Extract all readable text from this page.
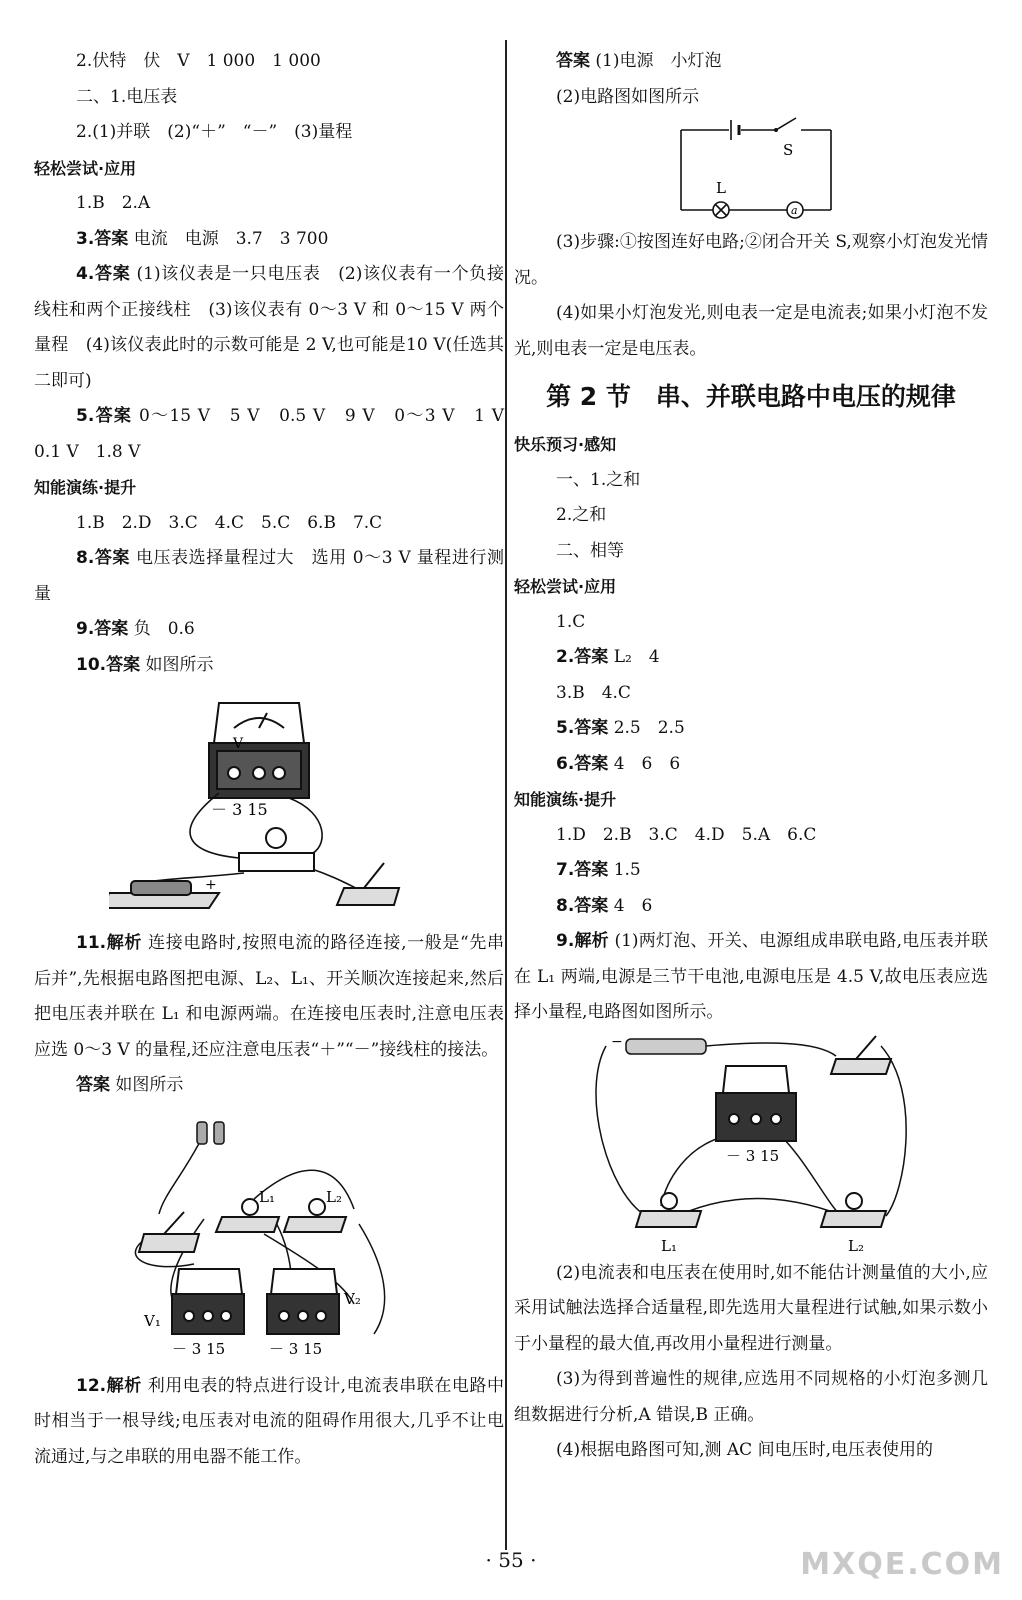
2.伏特　伏　V　1 000　1 000
二、1.电压表
2.(1)并联　(2)“＋”　“－”　(3)量程
轻松尝试·应用
1.B　2.A
3.答案 电流　电源　3.7　3 700
4.答案 (1)该仪表是一只电压表　(2)该仪表有一个负接线柱和两个正接线柱　(3)该仪表有 0～3 V 和 0～15 V 两个量程　(4)该仪表此时的示数可能是 2 V,也可能是10 V(任选其二即可)
5.答案 0～15 V　5 V　0.5 V　9 V　0～3 V　1 V　0.1 V　1.8 V
知能演练·提升
1.B　2.D　3.C　4.C　5.C　6.B　7.C
8.答案 电压表选择量程过大　选用 0～3 V 量程进行测量
9.答案 负　0.6
10.答案 如图所示
V
－ 3 15
+
11.解析 连接电路时,按照电流的路径连接,一般是“先串后并”,先根据电路图把电源、L₂、L₁、开关顺次连接起来,然后把电压表并联在 L₁ 和电源两端。在连接电压表时,注意电压表应选 0～3 V 的量程,还应注意电压表“＋”“－”接线柱的接法。
答案 如图所示
L₁	L₂
V₁
V₂
－ 3 15	－ 3 15
12.解析 利用电表的特点进行设计,电流表串联在电路中时相当于一根导线;电压表对电流的阻碍作用很大,几乎不让电流通过,与之串联的用电器不能工作。
答案 (1)电源　小灯泡
(2)电路图如图所示
S
L
a
(3)步骤:①按图连好电路;②闭合开关 S,观察小灯泡发光情况。
(4)如果小灯泡发光,则电表一定是电流表;如果小灯泡不发光,则电表一定是电压表。
第 2 节　串、并联电路中电压的规律
快乐预习·感知
一、1.之和
2.之和
二、相等
轻松尝试·应用
1.C
2.答案 L₂　4
3.B　4.C
5.答案 2.5　2.5
6.答案 4　6　6
知能演练·提升
1.D　2.B　3.C　4.D　5.A　6.C
7.答案 1.5
8.答案 4　6
9.解析 (1)两灯泡、开关、电源组成串联电路,电压表并联在 L₁ 两端,电源是三节干电池,电源电压是 4.5 V,故电压表应选择小量程,电路图如图所示。
−
－ 3 15
L₁	L₂
(2)电流表和电压表在使用时,如不能估计测量值的大小,应采用试触法选择合适量程,即先选用大量程进行试触,如果示数小于小量程的最大值,再改用小量程进行测量。
(3)为得到普遍性的规律,应选用不同规格的小灯泡多测几组数据进行分析,A 错误,B 正确。
(4)根据电路图可知,测 AC 间电压时,电压表使用的
· 55 ·	MXQE.COM
